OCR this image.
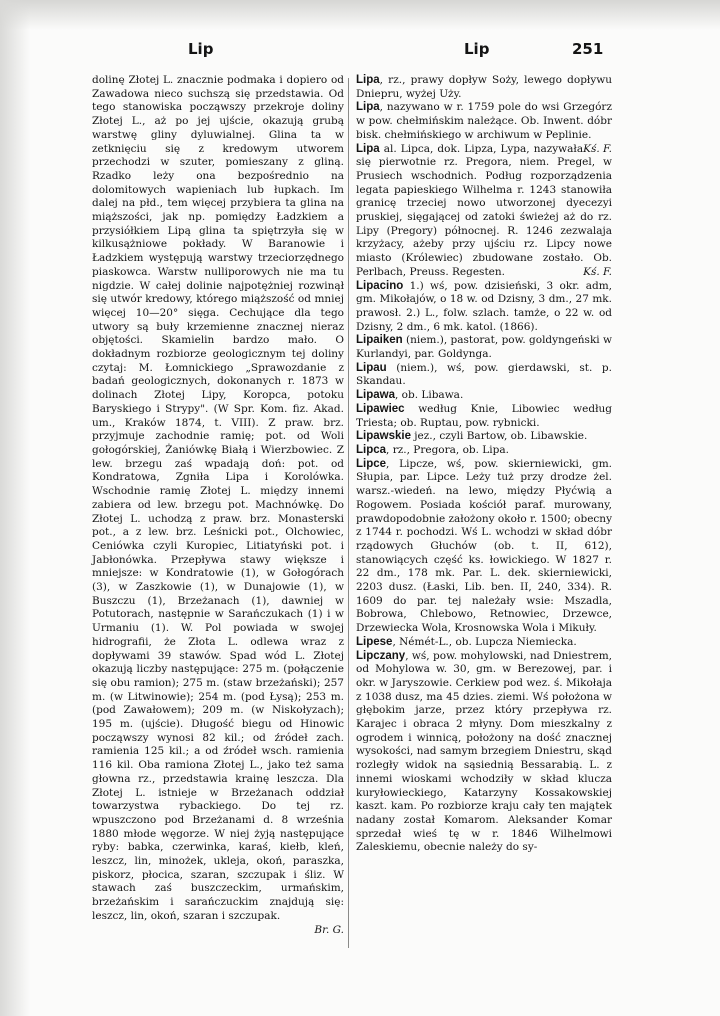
Lip	Lip	251

dolinę Złotej L. znacznie podmaka i dopiero od Zawadowa nieco suchszą się przedstawia. Od tego stanowiska począwszy przekroje doliny Złotej L., aż po jej ujście, okazują grubą warstwę gliny dyluwialnej. Glina ta w zetknięciu się z kredowym utworem przechodzi w szuter, pomieszany z gliną. Rzadko leży ona bezpośrednio na dolomitowych wapieniach lub łupkach. Im dalej na płd., tem więcej przybiera ta glina na miąższości, jak np. pomiędzy Ładzkiem a przysiółkiem Lipą glina ta spiętrzyła się w kilkusążniowe pokłady. W Baranowie i Ładzkiem występują warstwy trzeciorzędnego piaskowca. Warstw nulliporowych nie ma tu nigdzie. W całej dolinie najpotężniej rozwinął się utwór kredowy, którego miąższość od mniej więcej 10—20° sięga. Cechujące dla tego utwory są buły krzemienne znacznej nieraz objętości. Skamielin bardzo mało. O dokładnym rozbiorze geologicznym tej doliny czytaj: M. Łomnickiego „Sprawozdanie z badań geologicznych, dokonanych r. 1873 w dolinach Złotej Lipy, Koropca, potoku Baryskiego i Strypy". (W Spr. Kom. fiz. Akad. um., Kraków 1874, t. VIII). Z praw. brz. przyjmuje zachodnie ramię; pot. od Woli gołogórskiej, Żaniówkę Białą i Wierzbowiec. Z lew. brzegu zaś wpadają doń: pot. od Kondratowa, Zgniła Lipa i Korolówka. Wschodnie ramię Złotej L. między innemi zabiera od lew. brzegu pot. Machnówkę. Do Złotej L. uchodzą z praw. brz. Monasterski pot., a z lew. brz. Leśnicki pot., Olchowiec, Ceniówka czyli Kuropiec, Litiatyński pot. i Jabłonówka. Przepływa stawy większe i mniejsze: w Kondratowie (1), w Gołogórach (3), w Zaszkowie (1), w Dunajowie (1), w Buszczu (1), Brzeżanach (1), dawniej w Potutorach, następnie w Sarańczukach (1) i w Urmaniu (1). W. Pol powiada w swojej hidrografii, że Złota L. odlewa wraz z dopływami 39 stawów. Spad wód L. Złotej okazują liczby następujące: 275 m. (połączenie się obu ramion); 275 m. (staw brzeżański); 257 m. (w Litwinowie); 254 m. (pod Łysą); 253 m. (pod Zawałowem); 209 m. (w Niskołyzach); 195 m. (ujście). Długość biegu od Hinowic począwszy wynosi 82 kil.; od źródeł zach. ramienia 125 kil.; a od źródeł wsch. ramienia 116 kil. Oba ramiona Złotej L., jako też sama głowna rz., przedstawia krainę leszcza. Dla Złotej L. istnieje w Brzeżanach oddział towarzystwa rybackiego. Do tej rz. wpuszczono pod Brzeżanami d. 8 września 1880 młode węgorze. W niej żyją następujące ryby: babka, czerwinka, karaś, kiełb, kleń, leszcz, lin, minożek, ukleja, okoń, paraszka, piskorz, płocica, szaran, szczupak i śliz. W stawach zaś buszczeckim, urmańskim, brzeżańskim i sarańczuckim znajdują się: leszcz, lin, okoń, szaran i szczupak.

Br. G.

Lipa, rz., prawy dopływ Soży, lewego dopływu Dniepru, wyżej Uży.

Lipa, nazywano w r. 1759 pole do wsi Grzegórz w pow. chełmińskim należące. Ob. Inwent. dóbr bisk. chełmińskiego w archiwum w Peplinie.
Kś. F.

Lipa al. Lipca, dok. Lipza, Lypa, nazywała się pierwotnie rz. Pregora, niem. Pregel, w Prusiech wschodnich. Podług rozporządzenia legata papieskiego Wilhelma r. 1243 stanowiła granicę trzeciej nowo utworzonej dyecezyi pruskiej, sięgającej od zatoki świeżej aż do rz. Lipy (Pregory) północnej. R. 1246 zezwalaja krzyżacy, ażeby przy ujściu rz. Lipcy nowe miasto (Królewiec) zbudowane zostało. Ob. Perlbach, Preuss. Regesten.	Kś. F.

Lipacino 1.) wś, pow. dzisieński, 3 okr. adm, gm. Mikołajów, o 18 w. od Dzisny, 3 dm., 27 mk. prawosł. 2.) L., folw. szlach. tamże, o 22 w. od Dzisny, 2 dm., 6 mk. katol. (1866).

Lipaiken (niem.), pastorat, pow. goldyngeński w Kurlandyi, par. Goldynga.

Lipau (niem.), wś, pow. gierdawski, st. p. Skandau.

Lipawa, ob. Libawa.

Lipawiec według Knie, Libowiec według Triesta; ob. Ruptau, pow. rybnicki.

Lipawskie jez., czyli Bartow, ob. Libawskie.

Lipca, rz., Pregora, ob. Lipa.

Lipce, Lipcze, wś, pow. skierniewicki, gm. Słupia, par. Lipce. Leży tuż przy drodze żel. warsz.-wiedeń. na lewo, między Płyćwią a Rogowem. Posiada kościół paraf. murowany, prawdopodobnie założony około r. 1500; obecny z 1744 r. pochodzi. Wś L. wchodzi w skład dóbr rządowych Głuchów (ob. t. II, 612), stanowiących część ks. łowickiego. W 1827 r. 22 dm., 178 mk. Par. L. dek. skierniewicki, 2203 dusz. (Łaski, Lib. ben. II, 240, 334). R. 1609 do par. tej należały wsie: Mszadla, Bobrowa, Chlebowo, Retnowiec, Drzewce, Drzewiecka Wola, Krosnowska Wola i Mikuły.

Lipese, Némét-L., ob. Lupcza Niemiecka.

Lipczany, wś, pow. mohylowski, nad Dniestrem, od Mohylowa w. 30, gm. w Berezowej, par. i okr. w Jaryszowie. Cerkiew pod wez. ś. Mikołaja z 1038 dusz, ma 45 dzies. ziemi. Wś położona w głębokim jarze, przez który przepływa rz. Karajec i obraca 2 młyny. Dom mieszkalny z ogrodem i winnicą, położony na dość znacznej wysokości, nad samym brzegiem Dniestru, skąd rozległy widok na sąsiednią Bessarabią. L. z innemi wioskami wchodziły w skład klucza kuryłowieckiego, Katarzyny Kossakowskiej kaszt. kam. Po rozbiorze kraju cały ten majątek nadany został Komarom. Aleksander Komar sprzedał wieś tę w r. 1846 Wilhelmowi Zaleskiemu, obecnie należy do sy-
